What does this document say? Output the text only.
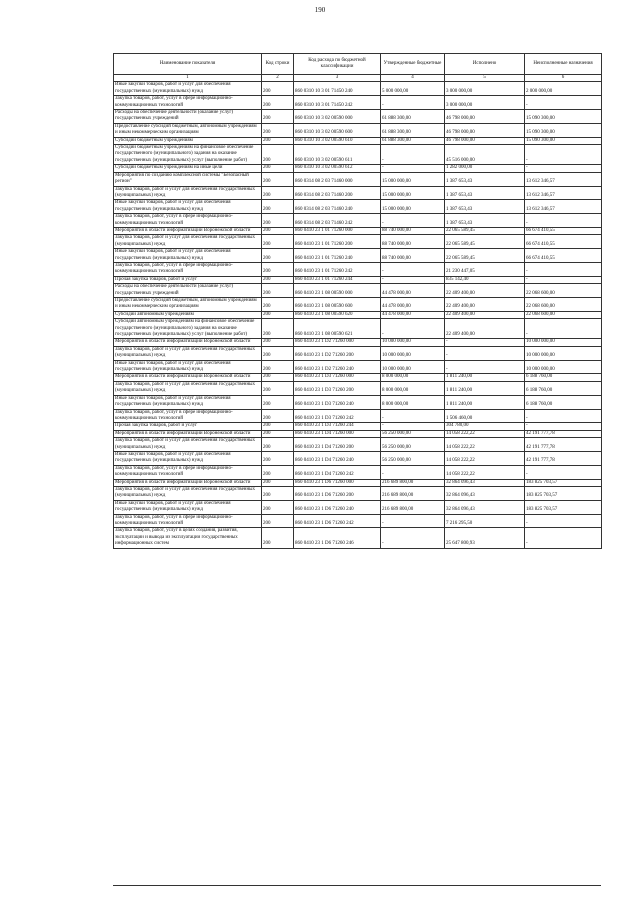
190
Наименование показателя	Код строки	Код расхода по бюджетной классификации	Утвержденные бюджетные	Исполнено	Неисполненные назначения
1	2	3	4	5	6
Иные закупки товаров, работ и услуг для обеспечения государственных (муниципальных) нужд	200	860 0310 10 3 01 71450 240	5 000 000,00	3 000 000,00	2 000 000,00
Закупка товаров, работ, услуг в сфере информационно-коммуникационных технологий	200	860 0310 10 3 01 71450 242	-	3 000 000,00	-
Расходы на обеспечение деятельности (оказание услуг) государственных учреждений	200	860 0310 10 3 02 00590 000	61 888 300,00	46 798 000,00	15 090 300,00
Предоставление субсидий бюджетным, автономным учреждениям и иным некоммерческим организациям	200	860 0310 10 3 02 00590 600	61 888 300,00	46 798 000,00	15 090 300,00
Субсидии бюджетным учреждениям	200	860 0310 10 3 02 00590 610	61 888 300,00	46 798 000,00	15 090 300,00
Субсидии бюджетным учреждениям на финансовое обеспечение государственного (муниципального) задания на оказание государственных (муниципальных) услуг (выполнение работ)	200	860 0310 10 3 02 00590 611	-	45 516 000,00	-
Субсидии бюджетным учреждениям на иные цели	200	860 0310 10 3 02 00590 612	-	1 282 000,00	-
Мероприятия по созданию комплексной системы "Безопасный регион"	200	860 0314 08 2 03 71460 000	15 000 000,00	1 387 653,43	13 612 346,57
Закупка товаров, работ и услуг для обеспечения государственных (муниципальных) нужд	200	860 0314 08 2 03 71460 200	15 000 000,00	1 387 653,43	13 612 346,57
Иные закупки товаров, работ и услуг для обеспечения государственных (муниципальных) нужд	200	860 0314 08 2 03 71460 240	15 000 000,00	1 387 653,43	13 612 346,57
Закупка товаров, работ, услуг в сфере информационно-коммуникационных технологий	200	860 0314 08 2 03 71460 242	-	1 387 653,43	-
Мероприятия в области информатизации Воронежской области	200	860 0410 23 1 01 71260 000	88 740 000,00	22 065 589,45	66 674 410,55
Закупка товаров, работ и услуг для обеспечения государственных (муниципальных) нужд	200	860 0410 23 1 01 71260 200	88 740 000,00	22 065 589,45	66 674 410,55
Иные закупки товаров, работ и услуг для обеспечения государственных (муниципальных) нужд	200	860 0410 23 1 01 71260 240	88 740 000,00	22 065 589,45	66 674 410,55
Закупка товаров, работ, услуг в сфере информационно-коммуникационных технологий	200	860 0410 23 1 01 71260 242	-	21 230 447,05	-
Прочая закупка товаров, работ и услуг	200	860 0410 23 1 01 71260 244	-	835 142,40	-
Расходы на обеспечение деятельности (оказание услуг) государственных учреждений	200	860 0410 23 1 08 00590 000	44 478 000,00	22 409 400,00	22 068 600,00
Предоставление субсидий бюджетным, автономным учреждениям и иным некоммерческим организациям	200	860 0410 23 1 08 00590 600	44 478 000,00	22 409 400,00	22 068 600,00
Субсидии автономным учреждениям	200	860 0410 23 1 08 00590 620	44 478 000,00	22 409 400,00	22 068 600,00
Субсидии автономным учреждениям на финансовое обеспечение государственного (муниципального) задания на оказание государственных (муниципальных) услуг (выполнение работ)	200	860 0410 23 1 08 00590 621	-	22 409 400,00	-
Мероприятия в области информатизации Воронежской области	200	860 0410 23 1 D2 71260 000	10 000 000,00	-	10 000 000,00
Закупка товаров, работ и услуг для обеспечения государственных (муниципальных) нужд	200	860 0410 23 1 D2 71260 200	10 000 000,00	-	10 000 000,00
Иные закупки товаров, работ и услуг для обеспечения государственных (муниципальных) нужд	200	860 0410 23 1 D2 71260 240	10 000 000,00	-	10 000 000,00
Мероприятия в области информатизации Воронежской области	200	860 0410 23 1 D3 71260 000	8 000 000,00	1 811 240,00	6 188 760,00
Закупка товаров, работ и услуг для обеспечения государственных (муниципальных) нужд	200	860 0410 23 1 D3 71260 200	8 000 000,00	1 811 240,00	6 188 760,00
Иные закупки товаров, работ и услуг для обеспечения государственных (муниципальных) нужд	200	860 0410 23 1 D3 71260 240	8 000 000,00	1 811 240,00	6 188 760,00
Закупка товаров, работ, услуг в сфере информационно-коммуникационных технологий	200	860 0410 23 1 D3 71260 242	-	1 506 460,00	-
Прочая закупка товаров, работ и услуг	200	860 0410 23 1 D3 71260 244	-	304 780,00	-
Мероприятия в области информатизации Воронежской области	200	860 0410 23 1 D4 71260 000	56 250 000,00	14 058 222,22	42 191 777,78
Закупка товаров, работ и услуг для обеспечения государственных (муниципальных) нужд	200	860 0410 23 1 D4 71260 200	56 250 000,00	14 058 222,22	42 191 777,78
Иные закупки товаров, работ и услуг для обеспечения государственных (муниципальных) нужд	200	860 0410 23 1 D4 71260 240	56 250 000,00	14 058 222,22	42 191 777,78
Закупка товаров, работ, услуг в сфере информационно-коммуникационных технологий	200	860 0410 23 1 D4 71260 242	-	14 058 222,22	-
Мероприятия в области информатизации Воронежской области	200	860 0410 23 1 D6 71260 000	216 689 800,00	32 864 096,43	183 825 703,57
Закупка товаров, работ и услуг для обеспечения государственных (муниципальных) нужд	200	860 0410 23 1 D6 71260 200	216 689 800,00	32 864 096,43	183 825 703,57
Иные закупки товаров, работ и услуг для обеспечения государственных (муниципальных) нужд	200	860 0410 23 1 D6 71260 240	216 689 800,00	32 864 096,43	183 825 703,57
Закупка товаров, работ, услуг в сфере информационно-коммуникационных технологий	200	860 0410 23 1 D6 71260 242	-	7 216 295,50	-
Закупка товаров, работ, услуг в целях создания, развития, эксплуатации и вывода из эксплуатации государственных информационных систем	200	860 0410 23 1 D6 71260 246	-	25 647 800,93	-
